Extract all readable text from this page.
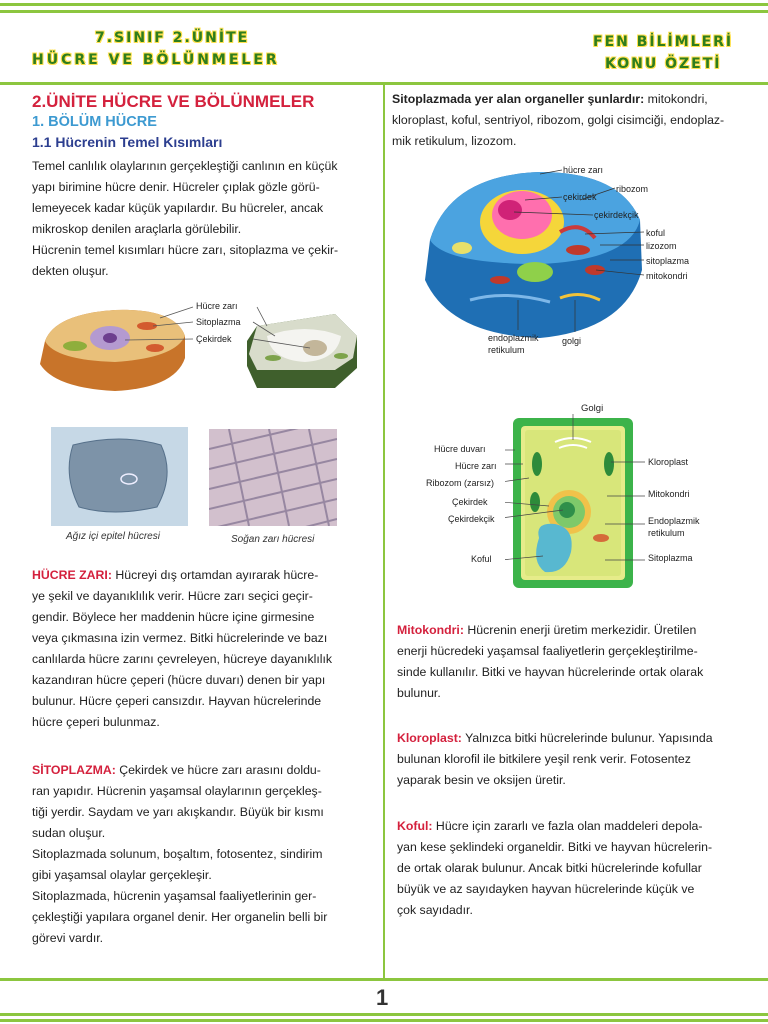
7.SINIF 2.ÜNİTE
HÜCRE VE BÖLÜNMELER
FEN BİLİMLERİ
KONU ÖZETİ
2.ÜNİTE HÜCRE VE BÖLÜNMELER
1. BÖLÜM HÜCRE
1.1 Hücrenin Temel Kısımları

Temel canlılık olaylarının gerçekleştiği canlının en küçük

yapı birimine hücre denir. Hücreler çıplak gözle görü-

lemeyecek kadar küçük yapılardır. Bu hücreler, ancak

mikroskop denilen araçlarla görülebilir.

Hücrenin temel kısımları hücre zarı, sitoplazma ve çekir-

dekten oluşur.

Hücre zarı
Sitoplazma
Çekirdek
Ağız içi epitel hücresi	Soğan zarı hücresi

HÜCRE ZARI: Hücreyi dış ortamdan ayırarak hücre-

ye şekil ve dayanıklılık verir. Hücre zarı seçici geçir-

gendir. Böylece her maddenin hücre içine girmesine

veya çıkmasına izin vermez. Bitki hücrelerinde ve bazı

canlılarda hücre zarını çevreleyen, hücreye dayanıklılık

kazandıran hücre çeperi (hücre duvarı) denen bir yapı

bulunur. Hücre çeperi cansızdır. Hayvan hücrelerinde

hücre çeperi bulunmaz.

SİTOPLAZMA: Çekirdek ve hücre zarı arasını doldu-

ran yapıdır. Hücrenin yaşamsal olaylarının gerçekleş-

tiği yerdir. Saydam ve yarı akışkandır. Büyük bir kısmı

sudan oluşur.

Sitoplazmada solunum, boşaltım, fotosentez, sindirim

gibi yaşamsal olaylar gerçekleşir.

Sitoplazmada, hücrenin yaşamsal faaliyetlerinin ger-

çekleştiği yapılara organel denir. Her organelin belli bir

görevi vardır.

Sitoplazmada yer alan organeller şunlardır: mitokondri,

kloroplast, koful, sentriyol, ribozom, golgi cisimciği, endoplaz-

mik retikulum, lizozom.

hücre zarı
ribozom
çekirdek
çekirdekçik
koful
lizozom
sitoplazma
mitokondri
endoplazmik
retikulum
golgi
Golgi
Hücre duvarı
Hücre zarı
Ribozom (zarsız)
Çekirdek
Çekirdekçik
Koful
Kloroplast
Mitokondri
Endoplazmik
retikulum
Sitoplazma

Mitokondri: Hücrenin enerji üretim merkezidir. Üretilen

enerji hücredeki yaşamsal faaliyetlerin gerçekleştirilme-

sinde kullanılır. Bitki ve hayvan hücrelerinde ortak olarak

bulunur.

Kloroplast: Yalnızca bitki hücrelerinde bulunur. Yapısında

bulunan klorofil ile bitkilere yeşil renk verir. Fotosentez

yaparak besin ve oksijen üretir.

Koful: Hücre için zararlı ve fazla olan maddeleri depola-

yan kese şeklindeki organeldir. Bitki ve hayvan hücrelerin-

de ortak olarak bulunur. Ancak bitki hücrelerinde kofullar

büyük ve az sayıdayken hayvan hücrelerinde küçük ve

çok sayıdadır.

1
